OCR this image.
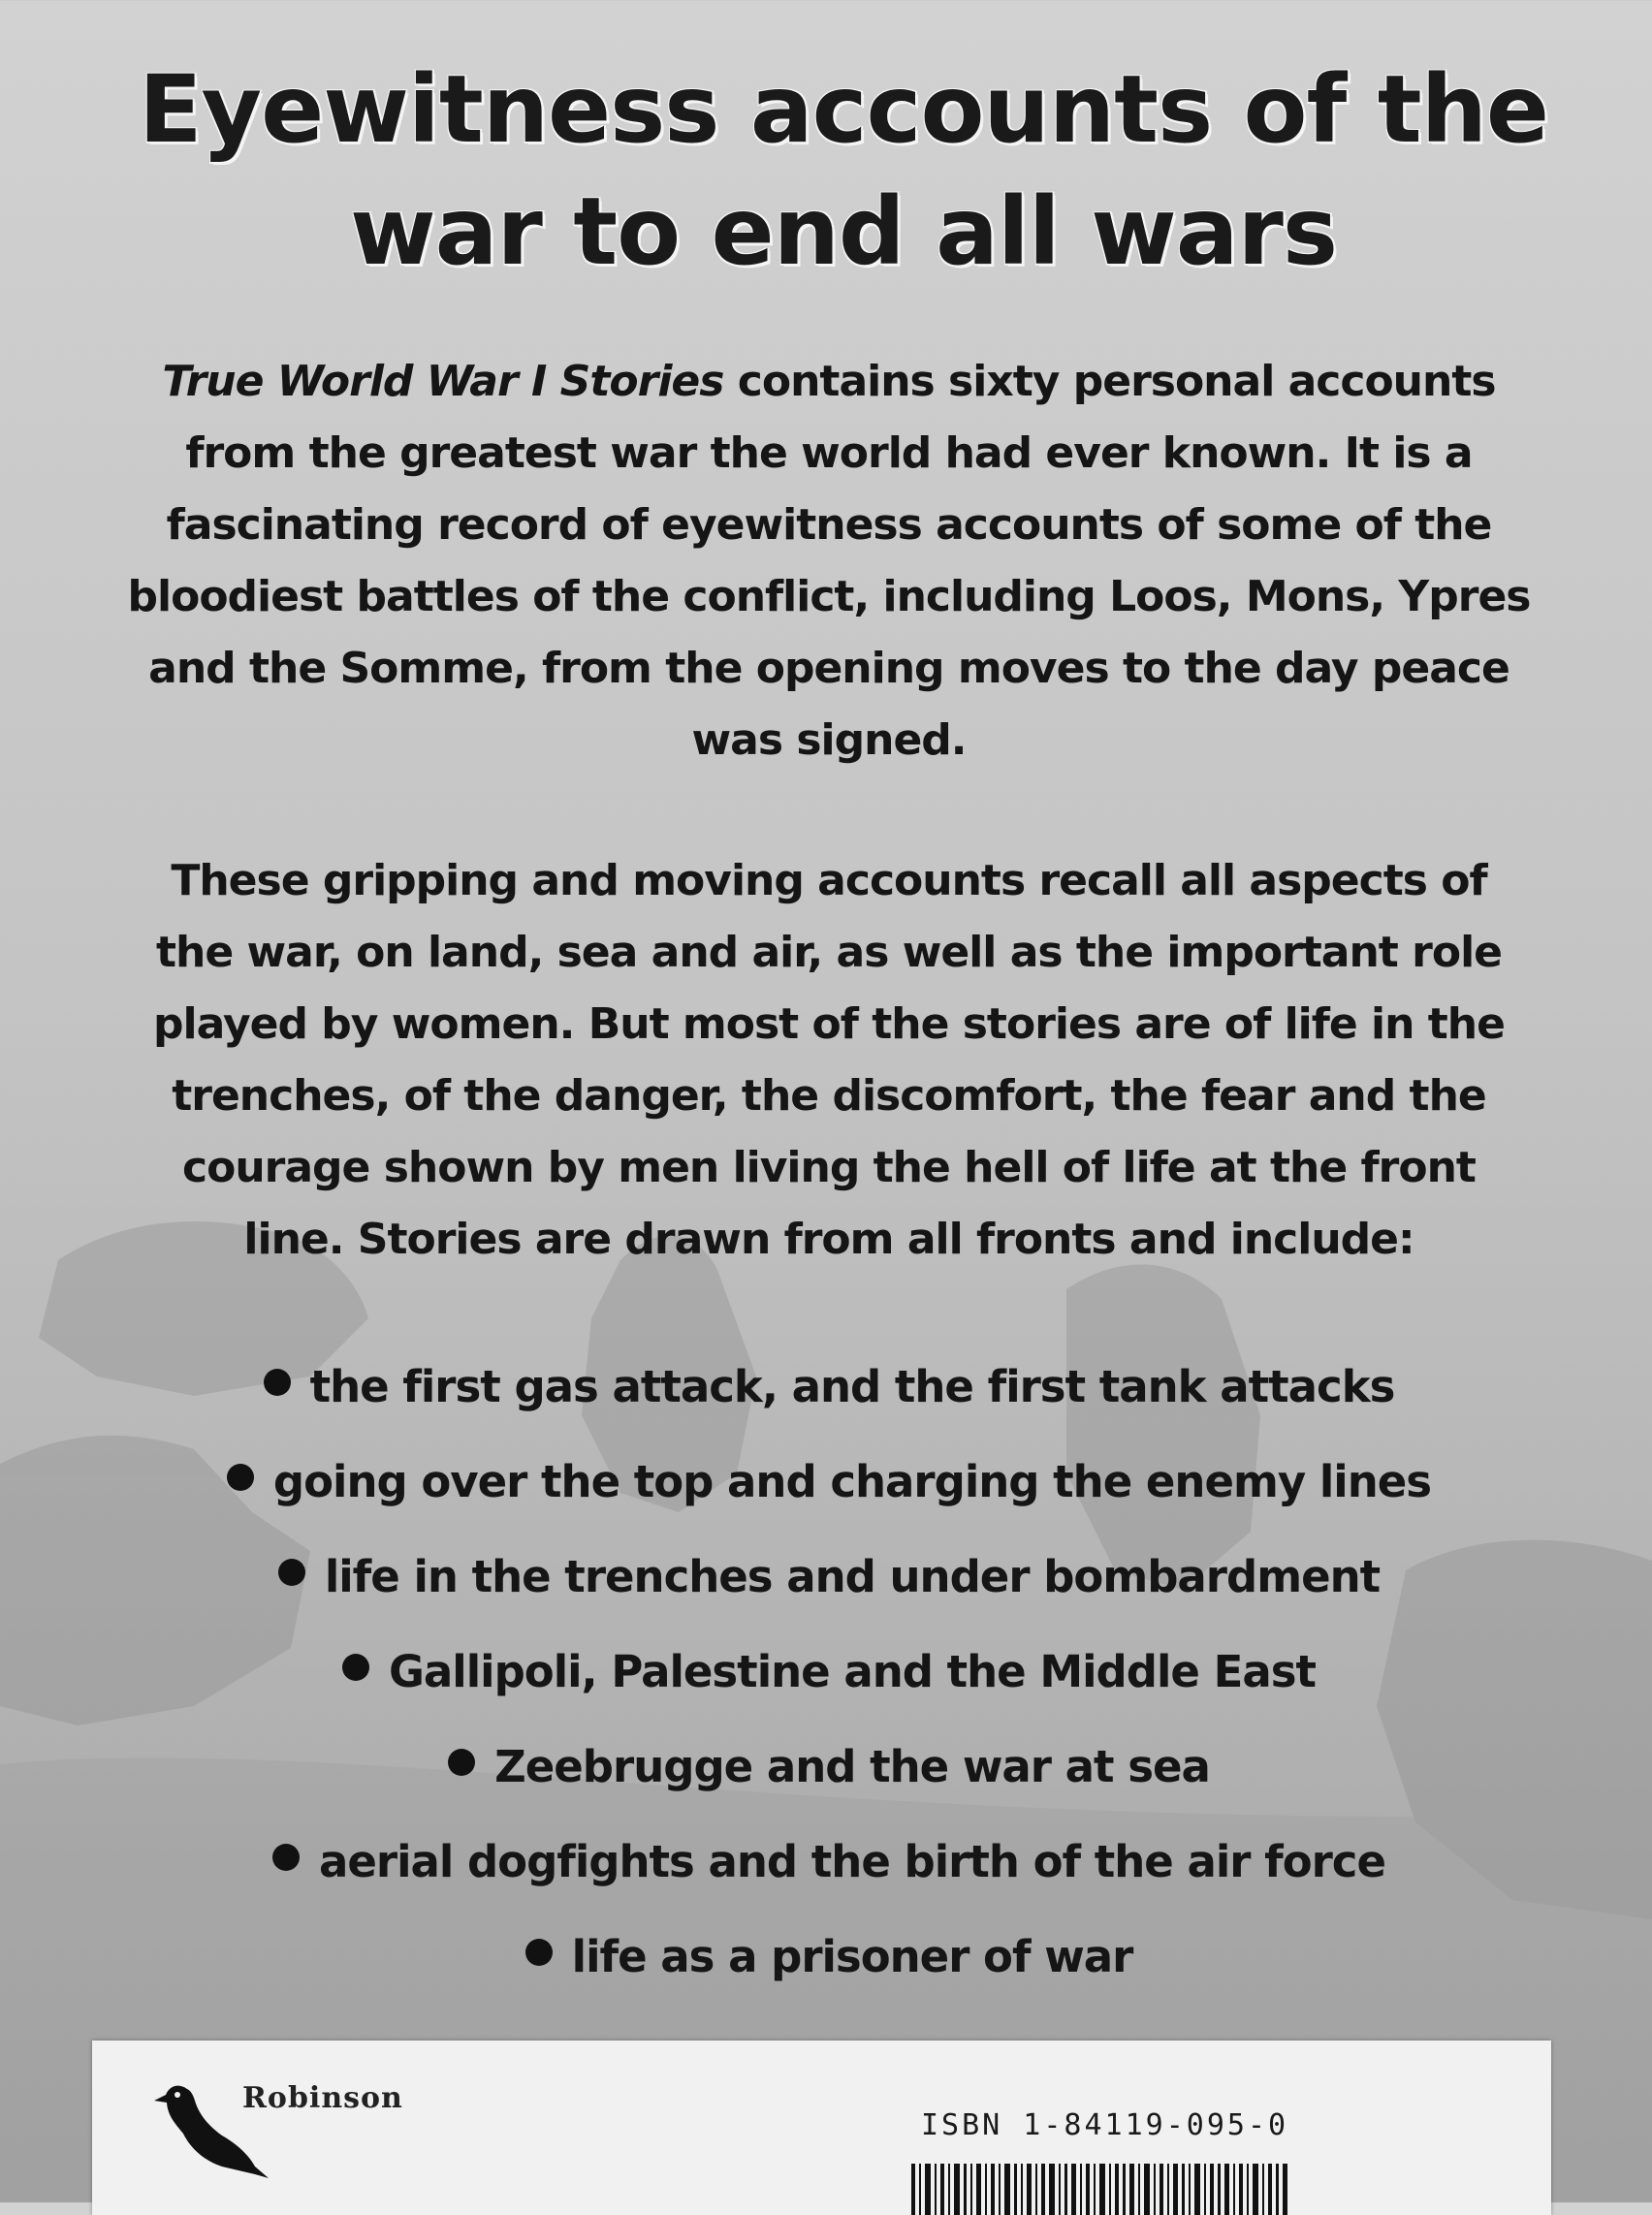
Eyewitness accounts of the
war to end all wars

True World War I Stories contains sixty personal accounts from the greatest war the world had ever known. It is a fascinating record of eyewitness accounts of some of the bloodiest battles of the conflict, including Loos, Mons, Ypres and the Somme, from the opening moves to the day peace was signed.

These gripping and moving accounts recall all aspects of the war, on land, sea and air, as well as the important role played by women. But most of the stories are of life in the trenches, of the danger, the discomfort, the fear and the courage shown by men living the hell of life at the front line. Stories are drawn from all fronts and include:

the first gas attack, and the first tank attacks
going over the top and charging the enemy lines
life in the trenches and under bombardment
Gallipoli, Palestine and the Middle East
Zeebrugge and the war at sea
aerial dogfights and the birth of the air force
life as a prisoner of war
Robinson
ISBN 1-84119-095-0
